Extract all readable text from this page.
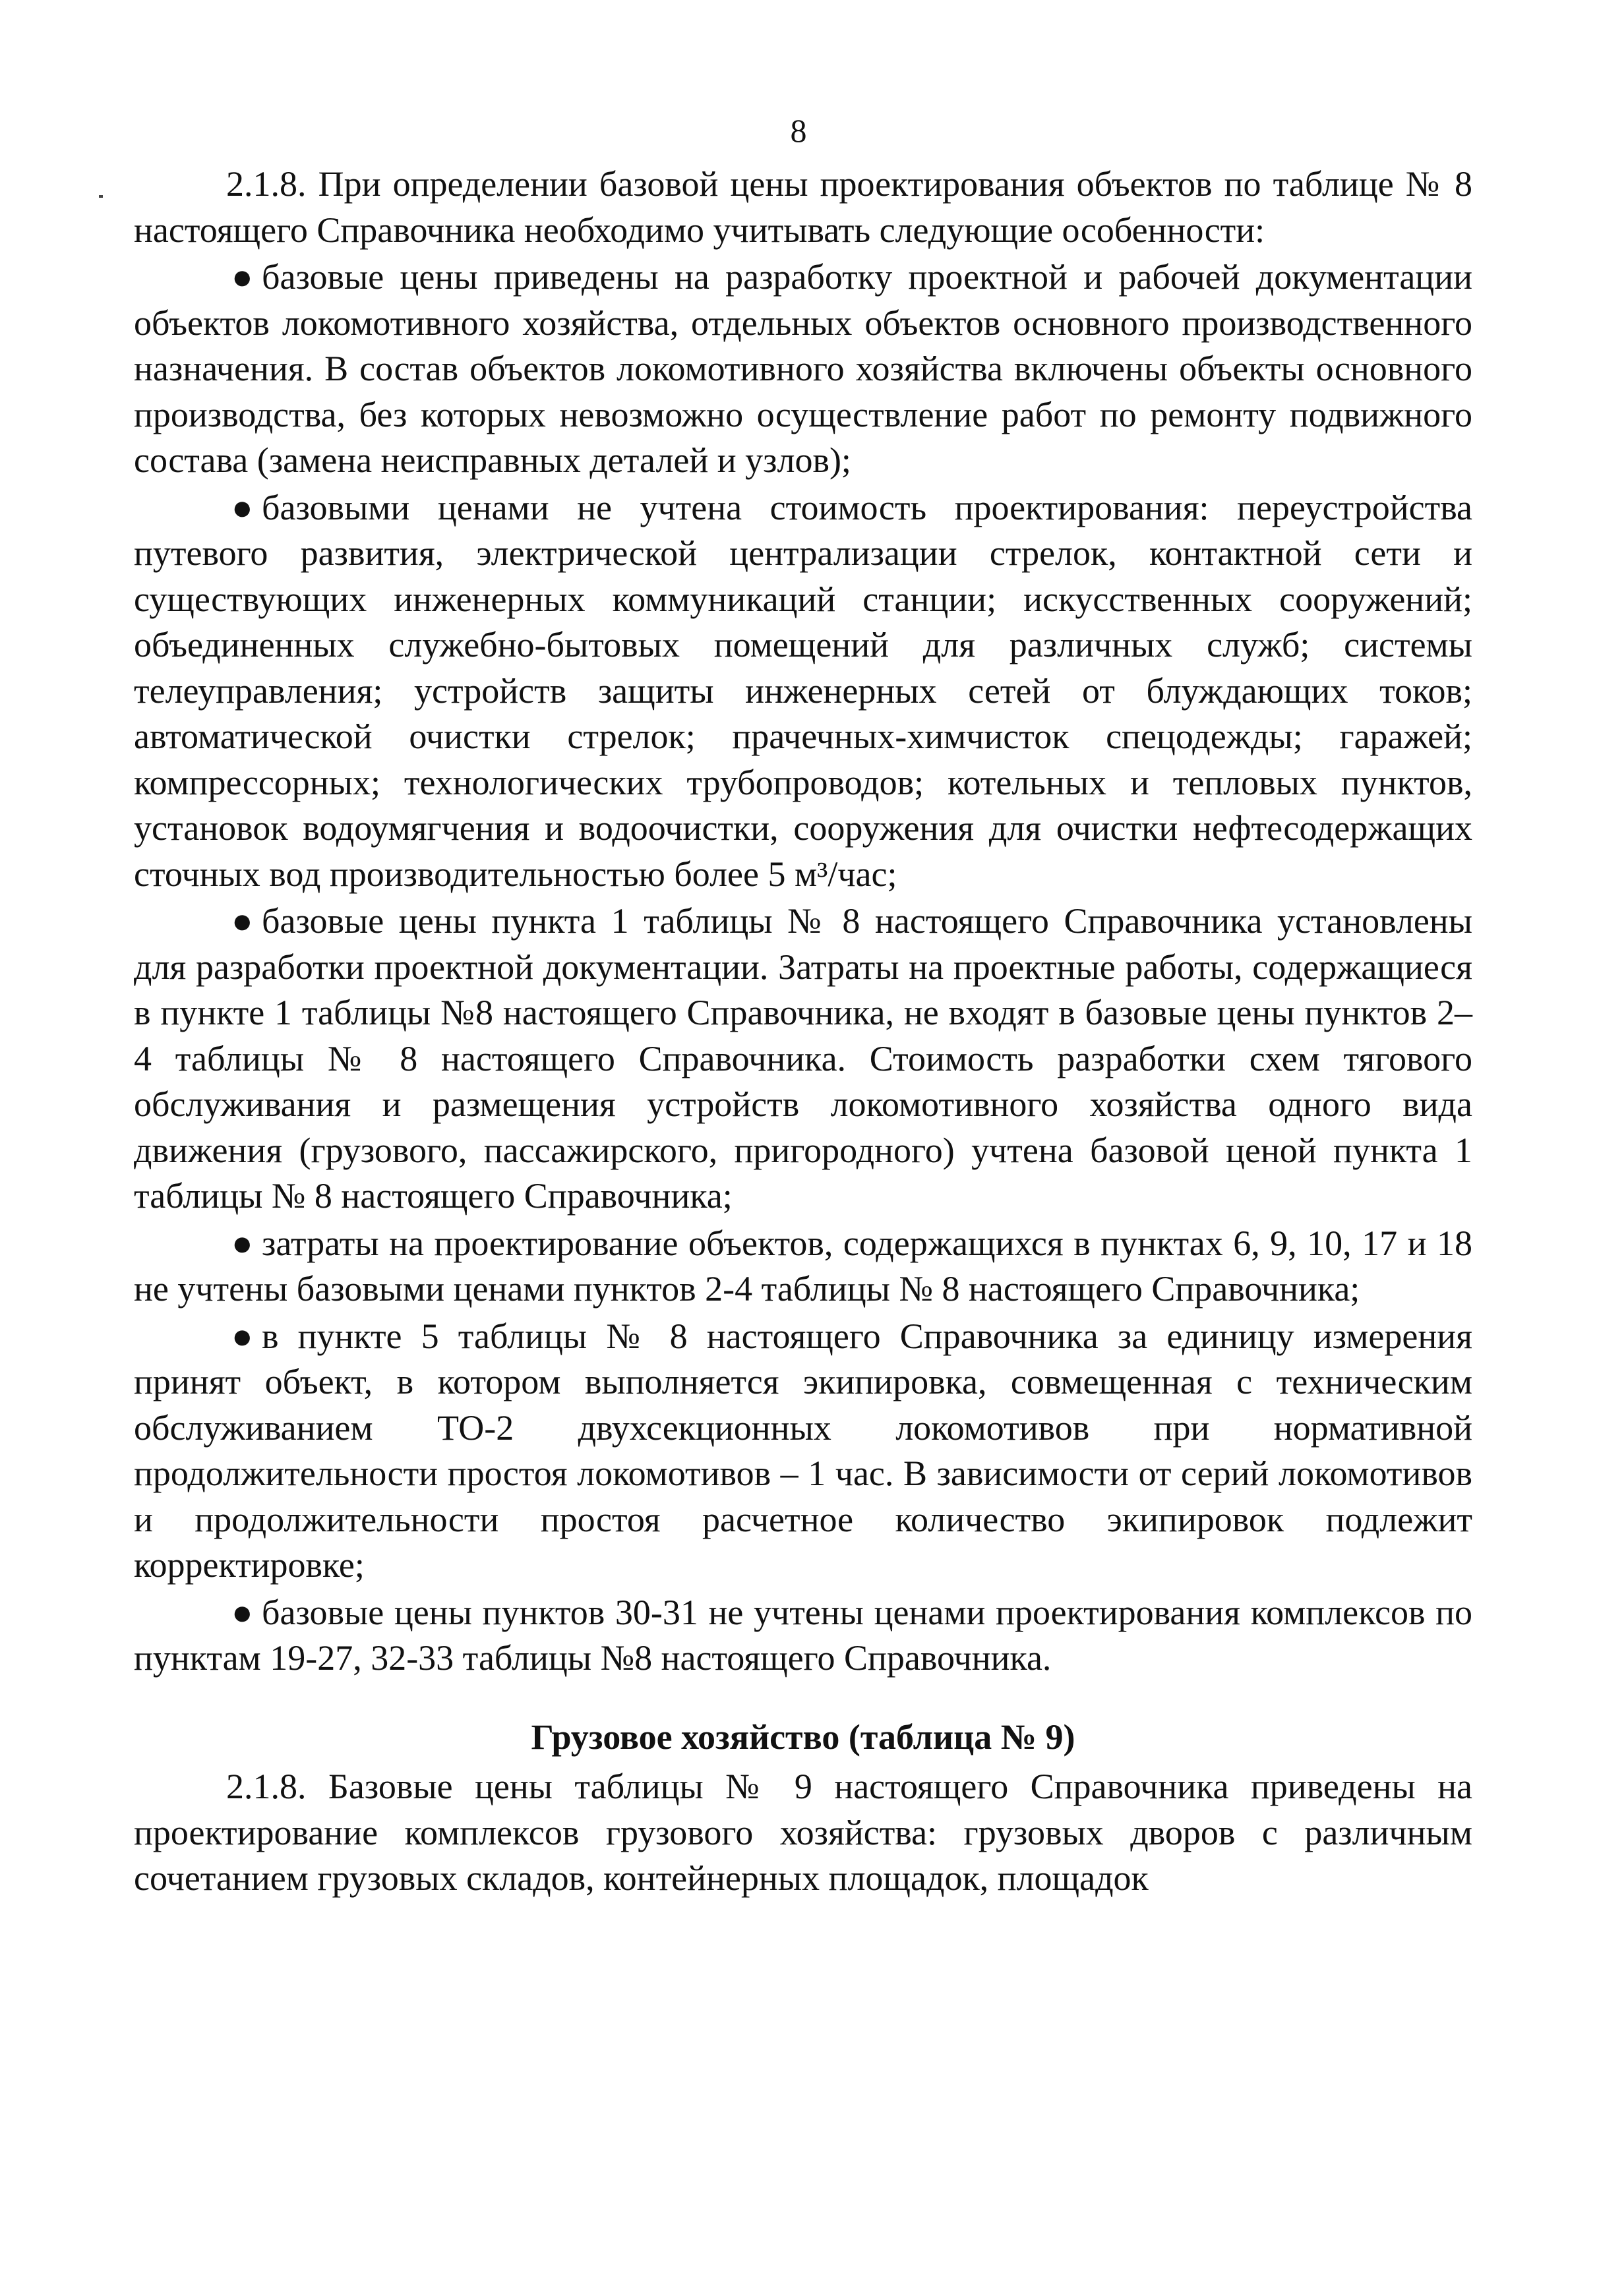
8

2.1.8. При определении базовой цены проектирования объектов по таблице № 8 настоящего Справочника необходимо учитывать следующие особенности:

● базовые цены приведены на разработку проектной и рабочей документации объектов локомотивного хозяйства, отдельных объектов основного производственного назначения. В состав объектов локомотивного хозяйства включены объекты основного производства, без которых невозможно осуществление работ по ремонту подвижного состава (замена неисправных деталей и узлов);

● базовыми ценами не учтена стоимость проектирования: переустройства путевого развития, электрической централизации стрелок, контактной сети и существующих инженерных коммуникаций станции; искусственных сооружений; объединенных служебно-бытовых помещений для различных служб; системы телеуправления; устройств защиты инженерных сетей от блуждающих токов; автоматической очистки стрелок; прачечных-химчисток спецодежды; гаражей; компрессорных; технологических трубопроводов; котельных и тепловых пунктов, установок водоумягчения и водоочистки, сооружения для очистки нефтесодержащих сточных вод производительностью более 5 м³/час;

● базовые цены пункта 1 таблицы № 8 настоящего Справочника установлены для разработки проектной документации. Затраты на проектные работы, содержащиеся в пункте 1 таблицы №8 настоящего Справочника, не входят в базовые цены пунктов 2–4 таблицы № 8 настоящего Справочника. Стоимость разработки схем тягового обслуживания и размещения устройств локомотивного хозяйства одного вида движения (грузового, пассажирского, пригородного) учтена базовой ценой пункта 1 таблицы № 8 настоящего Справочника;

● затраты на проектирование объектов, содержащихся в пунктах 6, 9, 10, 17 и 18 не учтены базовыми ценами пунктов 2-4 таблицы № 8 настоящего Справочника;

● в пункте 5 таблицы № 8 настоящего Справочника за единицу измерения принят объект, в котором выполняется экипировка, совмещенная с техническим обслуживанием ТО-2 двухсекционных локомотивов при нормативной продолжительности простоя локомотивов – 1 час. В зависимости от серий локомотивов и продолжительности простоя расчетное количество экипировок подлежит корректировке;

● базовые цены пунктов 30-31 не учтены ценами проектирования комплексов по пунктам 19-27, 32-33 таблицы №8 настоящего Справочника.

Грузовое хозяйство (таблица № 9)

2.1.8. Базовые цены таблицы № 9 настоящего Справочника приведены на проектирование комплексов грузового хозяйства: грузовых дворов с различным сочетанием грузовых складов, контейнерных площадок, площадок
